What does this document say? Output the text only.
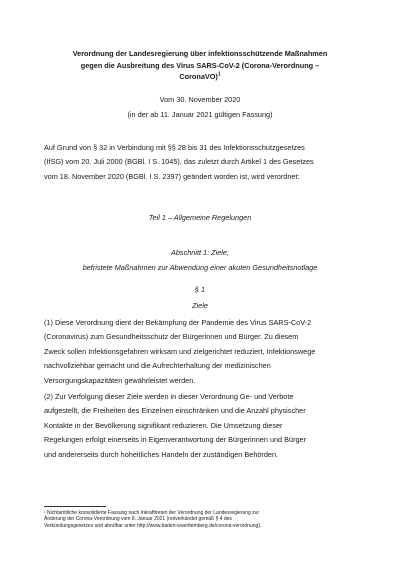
Verordnung der Landesregierung über infektionsschützende Maßnahmen
gegen die Ausbreitung des Virus SARS-CoV-2 (Corona-Verordnung –
CoronaVO)$^1$
Vom 30. November 2020
(in der ab 11. Januar 2021 gültigen Fassung)
Auf Grund von § 32 in Verbindung mit §§ 28 bis 31 des Infektionsschutzgesetzes
(IfSG) vom 20. Juli 2000 (BGBl. I S. 1045), das zuletzt durch Artikel 1 des Gesetzes
vom 18. November 2020 (BGBl. I S. 2397) geändert worden ist, wird verordnet:
Teil 1 – Allgemeine Regelungen
Abschnitt 1: Ziele,
befristete Maßnahmen zur Abwendung einer akuten Gesundheitsnotlage
§ 1
Ziele
(1) Diese Verordnung dient der Bekämpfung der Pandemie des Virus SARS-CoV-2
(Coronavirus) zum Gesundheitsschutz der Bürgerinnen und Bürger. Zu diesem
Zweck sollen Infektionsgefahren wirksam und zielgerichtet reduziert, Infektionswege
nachvollziehbar gemacht und die Aufrechterhaltung der medizinischen
Versorgungskapazitäten gewährleistet werden.
(2) Zur Verfolgung dieser Ziele werden in dieser Verordnung Ge- und Verbote
aufgestellt, die Freiheiten des Einzelnen einschränken und die Anzahl physischer
Kontakte in der Bevölkerung signifikant reduzieren. Die Umsetzung dieser
Regelungen erfolgt einerseits in Eigenverantwortung der Bürgerinnen und Bürger
und andererseits durch hoheitliches Handeln der zuständigen Behörden.
¹ Nichtamtliche konsolidierte Fassung nach Inkrafttreten der Verordnung der Landesregierung zur
Änderung der Corona-Verordnung vom 8. Januar 2021 (notverkündet gemäß § 4 des
Verkündungsgesetzes und abrufbar unter http://www.baden-wuerttemberg.de/corona-verordnung).
